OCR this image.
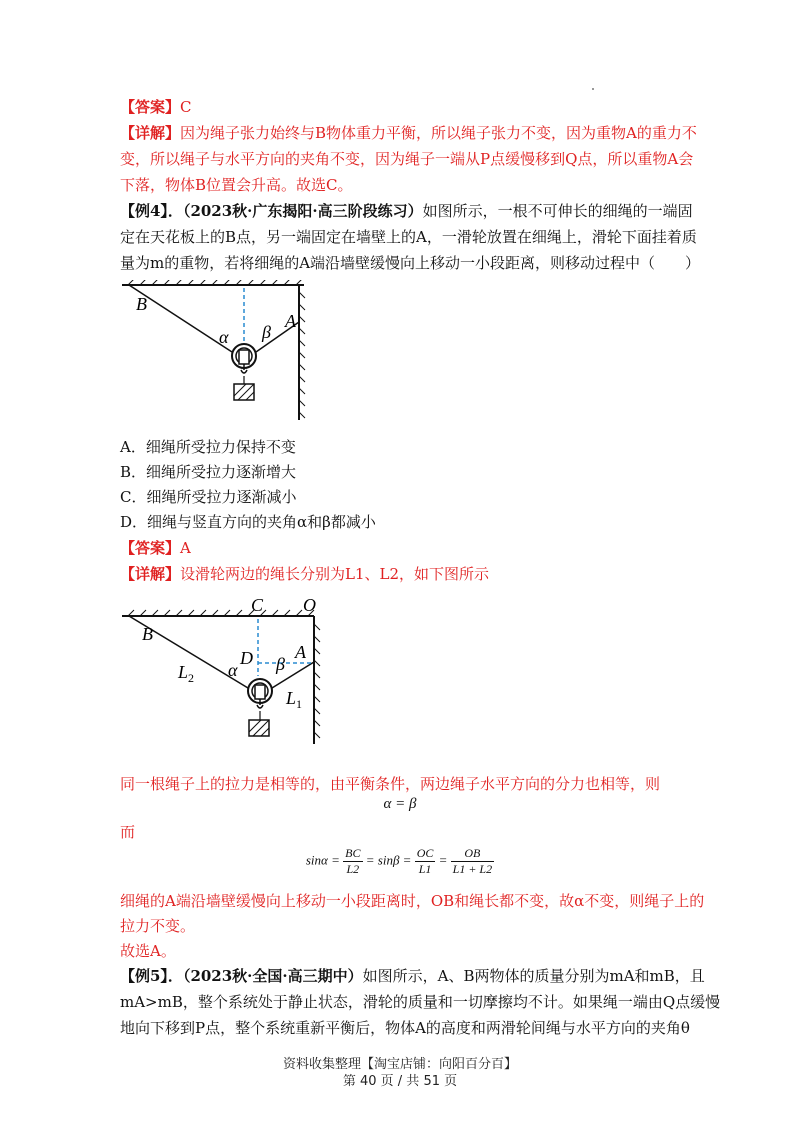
【答案】C
【详解】因为绳子张力始终与B物体重力平衡，所以绳子张力不变，因为重物A的重力不
变，所以绳子与水平方向的夹角不变，因为绳子一端从P点缓慢移到Q点，所以重物A会
下落，物体B位置会升高。故选C。
【例4】．（2023秋·广东揭阳·高三阶段练习）如图所示，一根不可伸长的细绳的一端固
定在天花板上的B点，另一端固定在墙壁上的A，一滑轮放置在细绳上，滑轮下面挂着质
量为m的重物，若将细绳的A端沿墙壁缓慢向上移动一小段距离，则移动过程中（　　）
B
A
α β
A．细绳所受拉力保持不变
B．细绳所受拉力逐渐增大
C．细绳所受拉力逐渐减小
D．细绳与竖直方向的夹角α和β都减小
【答案】A
【详解】设滑轮两边的绳长分别为L1、L2，如下图所示
C O
B
D A
α β
$L_2$
$L_1$
同一根绳子上的拉力是相等的，由平衡条件，两边绳子水平方向的分力也相等，则
α = β
而
$\sin\alpha = \frac{BC}{L2} = \sin\beta = \frac{OC}{L1} = \frac{OB}{L1 + L2}$
细绳的A端沿墙壁缓慢向上移动一小段距离时，OB和绳长都不变，故α不变，则绳子上的
拉力不变。
故选A。
【例5】．（2023秋·全国·高三期中）如图所示，A、B两物体的质量分别为mA和mB，且
mA>mB，整个系统处于静止状态，滑轮的质量和一切摩擦均不计。如果绳一端由Q点缓慢
地向下移到P点，整个系统重新平衡后，物体A的高度和两滑轮间绳与水平方向的夹角θ
资料收集整理【淘宝店铺：向阳百分百】
第 40 页 / 共 51 页
